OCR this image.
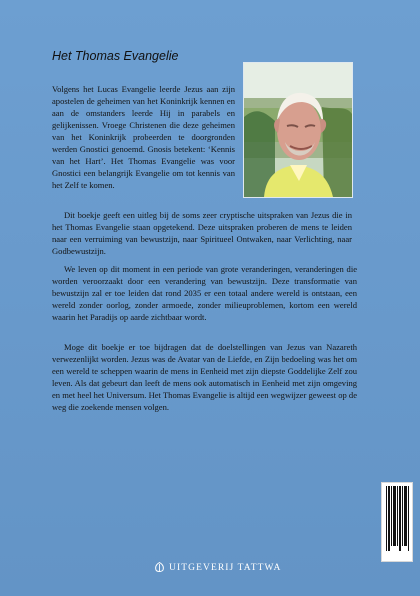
Het Thomas Evangelie

Volgens het Lucas Evangelie leerde Jezus aan zijn apostelen de geheimen van het Koninkrijk kennen en aan de omstanders leerde Hij in parabels en gelijkenissen. Vroege Christenen die deze geheimen van het Koninkrijk probeerden te doorgronden werden Gnostici genoemd. Gnosis betekent: ‘Kennis van het Hart’. Het Thomas Evangelie was voor Gnostici een belangrijk Evangelie om tot kennis van het Zelf te komen.

Dit boekje geeft een uitleg bij de soms zeer cryptische uitspraken van Jezus die in het Thomas Evangelie staan opgetekend. Deze uitspraken proberen de mens te leiden naar een verruiming van bewustzijn, naar Spiritueel Ontwaken, naar Verlichting, naar Godbewustzijn.

We leven op dit moment in een periode van grote veranderingen, veranderingen die worden veroorzaakt door een verandering van bewustzijn. Deze transformatie van bewustzijn zal er toe leiden dat rond 2035 er een totaal andere wereld is ontstaan, een wereld zonder oorlog, zonder armoede, zonder milieuproblemen, kortom een wereld waarin het Paradijs op aarde zichtbaar wordt.

Moge dit boekje er toe bijdragen dat de doelstellingen van Jezus van Nazareth verwezenlijkt worden. Jezus was de Avatar van de Liefde, en Zijn bedoeling was het om een wereld te scheppen waarin de mens in Eenheid met zijn diepste Goddelijke Zelf zou leven. Als dat gebeurt dan leeft de mens ook automatisch in Eenheid met zijn omgeving en met heel het Universum. Het Thomas Evangelie is altijd een wegwijzer geweest op de weg die zoekende mensen volgen.

UITGEVERIJ TATTWA
